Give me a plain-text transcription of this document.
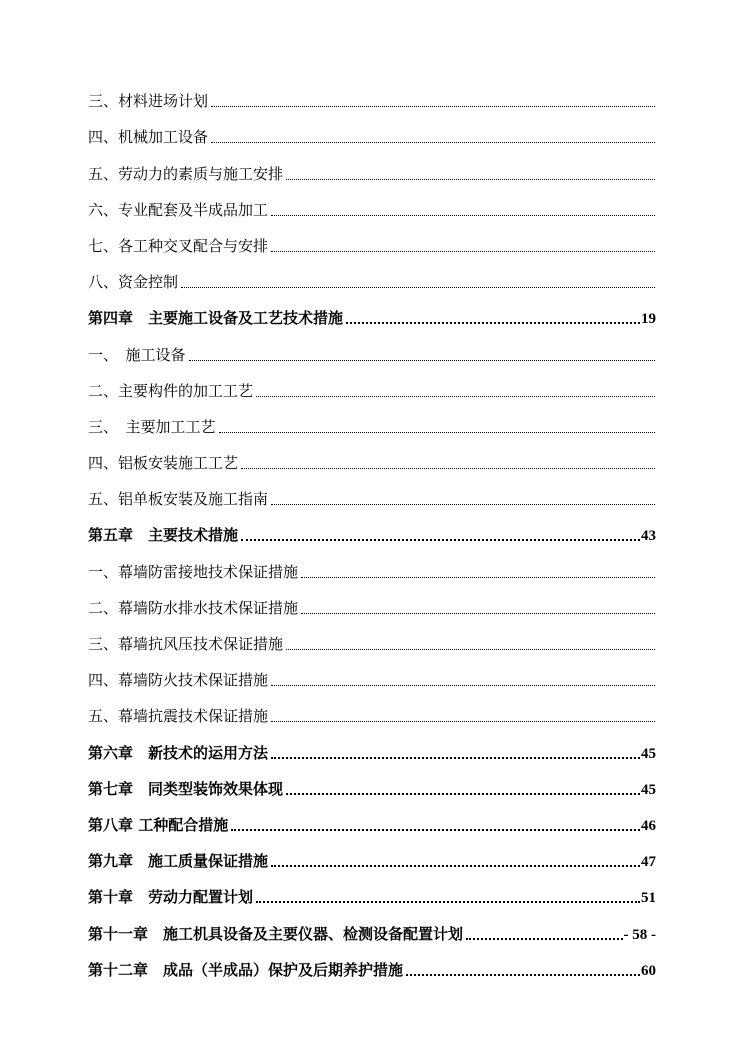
三、材料进场计划
四、机械加工设备
五、劳动力的素质与施工安排
六、专业配套及半成品加工
七、各工种交叉配合与安排
八、资金控制
第四章　主要施工设备及工艺技术措施	19
一、　施工设备
二、主要构件的加工工艺
三、　主要加工工艺
四、铝板安装施工工艺
五、铝单板安装及施工指南
第五章　主要技术措施	43
一、幕墙防雷接地技术保证措施
二、幕墙防水排水技术保证措施
三、幕墙抗风压技术保证措施
四、幕墙防火技术保证措施
五、幕墙抗震技术保证措施
第六章　新技术的运用方法	45
第七章　同类型装饰效果体现	45
第八章 工种配合措施	46
第九章　施工质量保证措施	47
第十章　劳动力配置计划	51
第十一章　施工机具设备及主要仪器、检测设备配置计划	- 58 -
第十二章　成品（半成品）保护及后期养护措施	60
